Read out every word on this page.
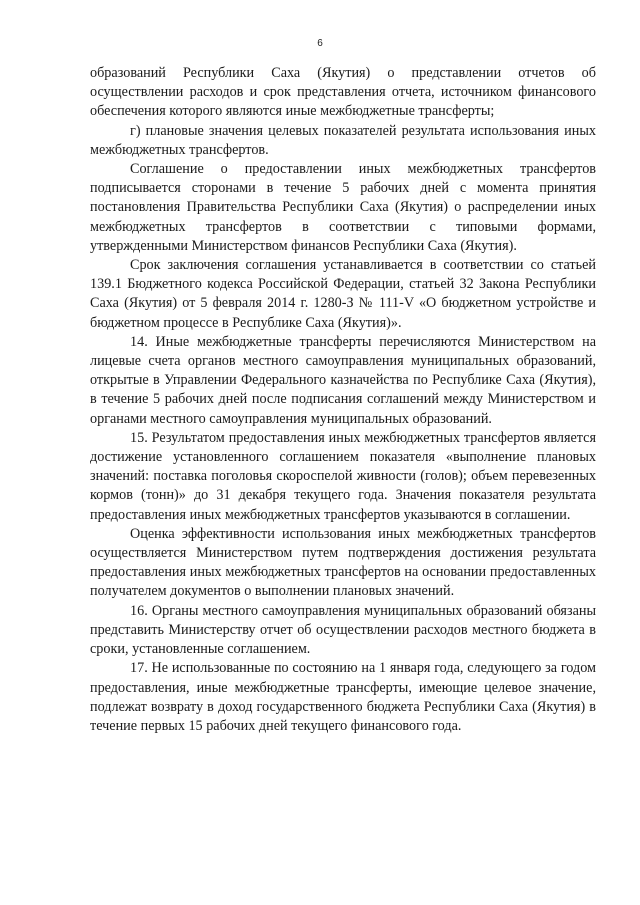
6

образований Республики Саха (Якутия) о представлении отчетов об осуществлении расходов и срок представления отчета, источником финансового обеспечения которого являются иные межбюджетные трансферты;

г) плановые значения целевых показателей результата использования иных межбюджетных трансфертов.

Соглашение о предоставлении иных межбюджетных трансфертов подписывается сторонами в течение 5 рабочих дней с момента принятия постановления Правительства Республики Саха (Якутия) о распределении иных межбюджетных трансфертов в соответствии с типовыми формами, утвержденными Министерством финансов Республики Саха (Якутия).

Срок заключения соглашения устанавливается в соответствии со статьей 139.1 Бюджетного кодекса Российской Федерации, статьей 32 Закона Республики Саха (Якутия) от 5 февраля 2014 г. 1280-З № 111-V «О бюджетном устройстве и бюджетном процессе в Республике Саха (Якутия)».

14. Иные межбюджетные трансферты перечисляются Министерством на лицевые счета органов местного самоуправления муниципальных образований, открытые в Управлении Федерального казначейства по Республике Саха (Якутия), в течение 5 рабочих дней после подписания соглашений между Министерством и органами местного самоуправления муниципальных образований.

15. Результатом предоставления иных межбюджетных трансфертов является достижение установленного соглашением показателя «выполнение плановых значений: поставка поголовья скороспелой живности (голов); объем перевезенных кормов (тонн)» до 31 декабря текущего года. Значения показателя результата предоставления иных межбюджетных трансфертов указываются в соглашении.

Оценка эффективности использования иных межбюджетных трансфертов осуществляется Министерством путем подтверждения достижения результата предоставления иных межбюджетных трансфертов на основании предоставленных получателем документов о выполнении плановых значений.

16. Органы местного самоуправления муниципальных образований обязаны представить Министерству отчет об осуществлении расходов местного бюджета в сроки, установленные соглашением.

17. Не использованные по состоянию на 1 января года, следующего за годом предоставления, иные межбюджетные трансферты, имеющие целевое значение, подлежат возврату в доход государственного бюджета Республики Саха (Якутия) в течение первых 15 рабочих дней текущего финансового года.
